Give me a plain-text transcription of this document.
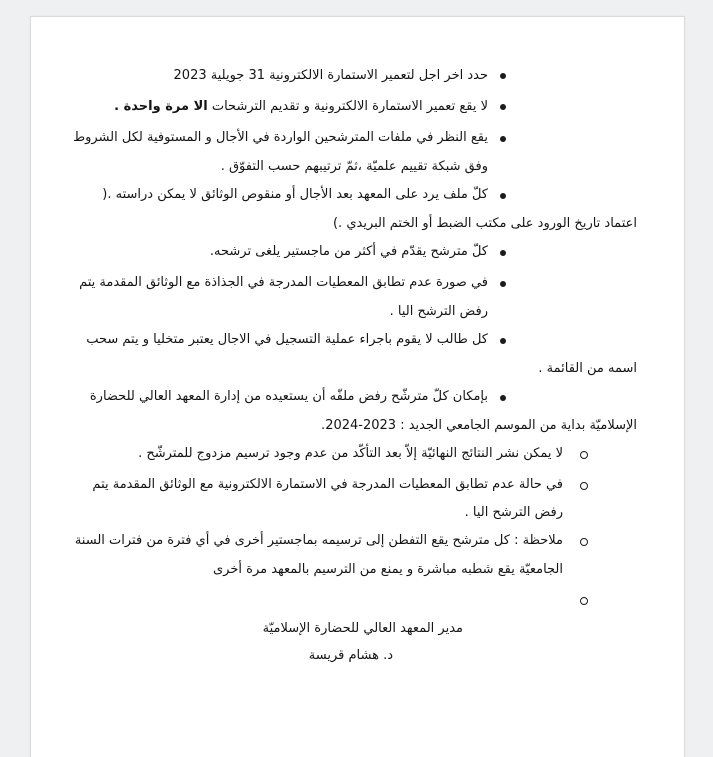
حدد اخر اجل لتعمير الاستمارة الالكترونية 31 جويلية 2023
لا يقع تعمير الاستمارة الالكترونية و تقديم الترشحات الا مرة واحدة .
يقع النظر في ملفات المترشحين الواردة في الأجال و المستوفية لكل الشروط
وفق شبكة تقييم علميّة ،ثمّ ترتيبهم حسب التفوّق .
كلّ ملف يرد على المعهد بعد الأجال أو منقوص الوثائق لا يمكن دراسته .(
اعتماد تاريخ الورود على مكتب الضبط أو الختم البريدي .)
كلّ مترشح يقدّم في أكثر من ماجستير يلغى ترشحه.
في صورة عدم تطابق المعطيات المدرجة في الجذاذة مع الوثائق المقدمة يتم
رفض الترشح اليا .
كل طالب لا يقوم باجراء عملية التسجيل في الاجال يعتبر متخليا و يتم سحب
اسمه من القائمة .
بإمكان كلّ مترشّح رفض ملفّه أن يستعيده من إدارة المعهد العالي للحضارة
الإسلاميّة بداية من الموسم الجامعي الجديد : 2023-2024.
لا يمكن نشر النتائج النهائيّة إلاّ بعد التأكّد من عدم وجود ترسيم مزدوج للمترشّح .
في حالة عدم تطابق المعطيات المدرجة في الاستمارة الالكترونية مع الوثائق المقدمة يتم
رفض الترشح اليا .
ملاحظة : كل مترشح يقع التفطن إلى ترسيمه بماجستير أخرى في أي فترة من فترات السنة
الجامعيّة يقع شطبه مباشرة و يمنع من الترسيم بالمعهد مرة أخرى
مدير المعهد العالي للحضارة الإسلاميّة
د. هشام قريسة
